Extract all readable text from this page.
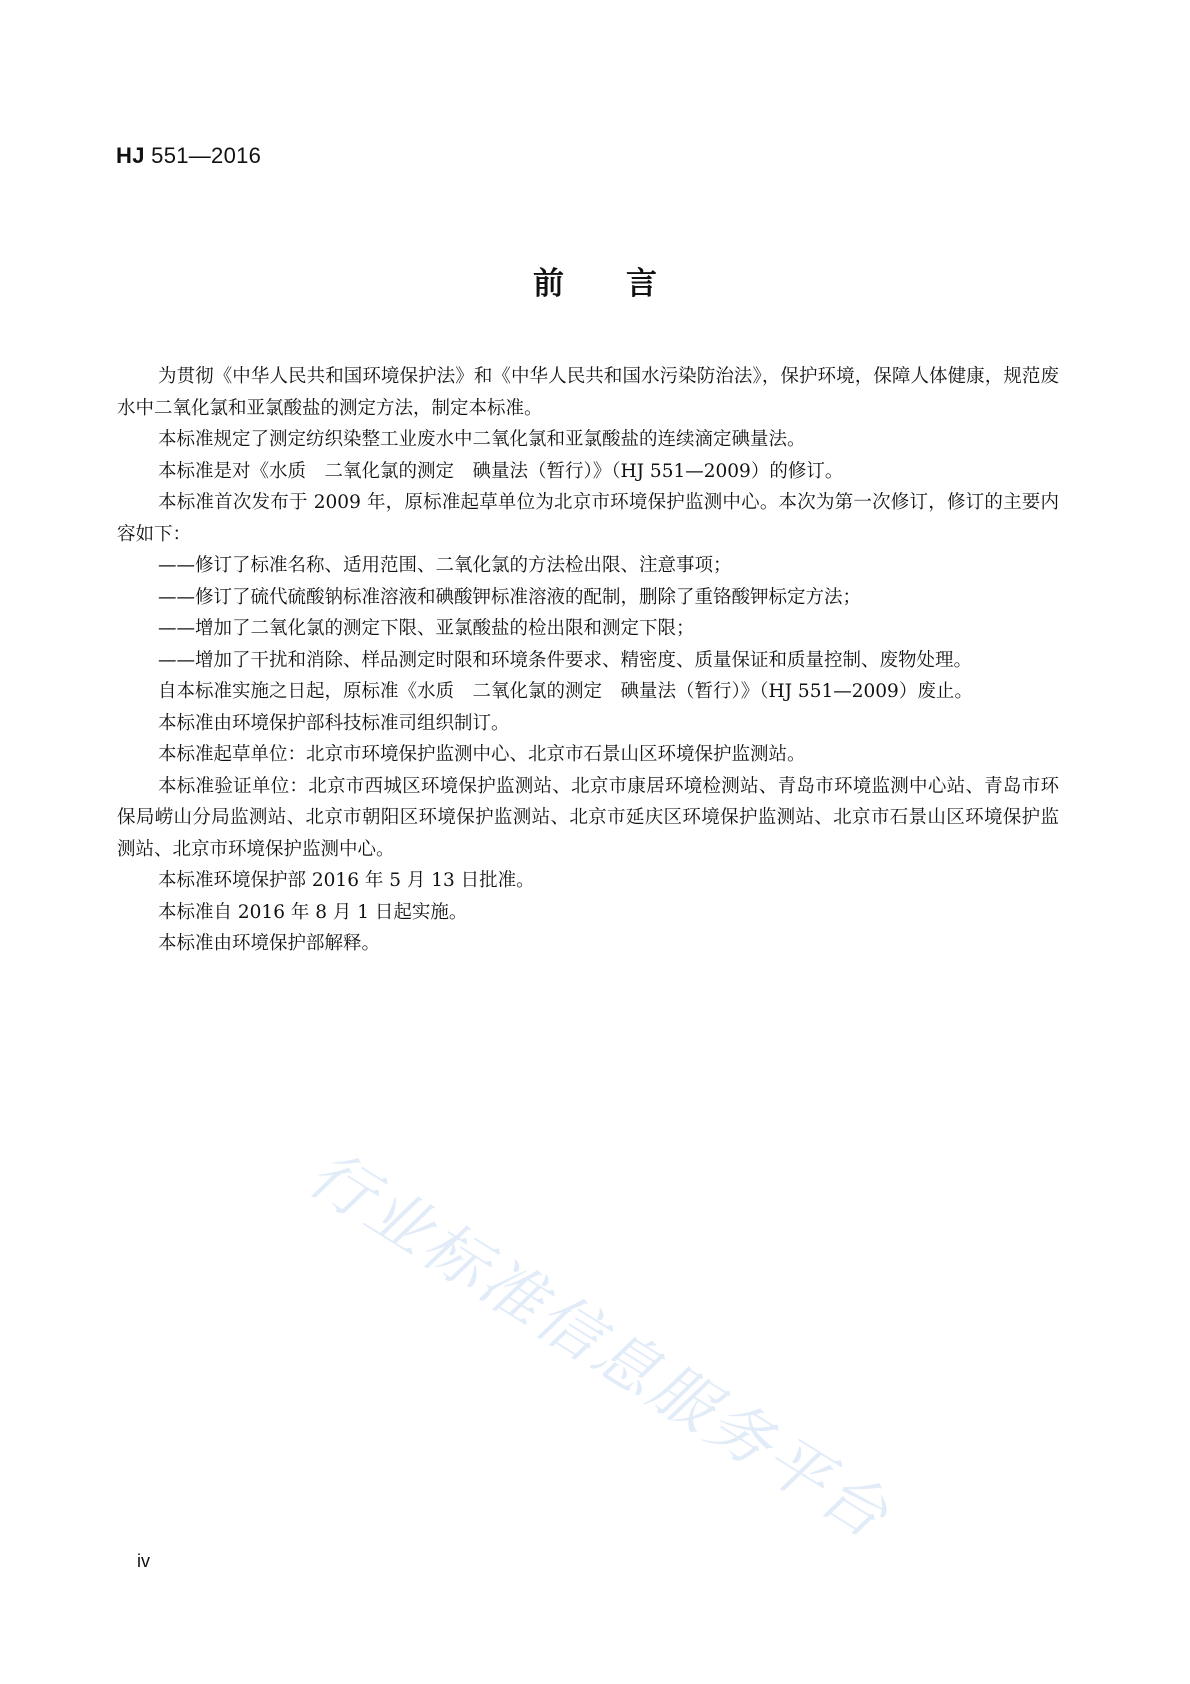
HJ 551—2016
前言

为贯彻《中华人民共和国环境保护法》和《中华人民共和国水污染防治法》，保护环境，保障人体健康，规范废水中二氧化氯和亚氯酸盐的测定方法，制定本标准。

本标准规定了测定纺织染整工业废水中二氧化氯和亚氯酸盐的连续滴定碘量法。

本标准是对《水质　二氧化氯的测定　碘量法（暂行）》（HJ 551—2009）的修订。

本标准首次发布于 2009 年，原标准起草单位为北京市环境保护监测中心。本次为第一次修订，修订的主要内容如下：

——修订了标准名称、适用范围、二氧化氯的方法检出限、注意事项；

——修订了硫代硫酸钠标准溶液和碘酸钾标准溶液的配制，删除了重铬酸钾标定方法；

——增加了二氧化氯的测定下限、亚氯酸盐的检出限和测定下限；

——增加了干扰和消除、样品测定时限和环境条件要求、精密度、质量保证和质量控制、废物处理。

自本标准实施之日起，原标准《水质　二氧化氯的测定　碘量法（暂行）》（HJ 551—2009）废止。

本标准由环境保护部科技标准司组织制订。

本标准起草单位：北京市环境保护监测中心、北京市石景山区环境保护监测站。

本标准验证单位：北京市西城区环境保护监测站、北京市康居环境检测站、青岛市环境监测中心站、青岛市环保局崂山分局监测站、北京市朝阳区环境保护监测站、北京市延庆区环境保护监测站、北京市石景山区环境保护监测站、北京市环境保护监测中心。

本标准环境保护部 2016 年 5 月 13 日批准。

本标准自 2016 年 8 月 1 日起实施。

本标准由环境保护部解释。

行业标准信息服务平台
iv
